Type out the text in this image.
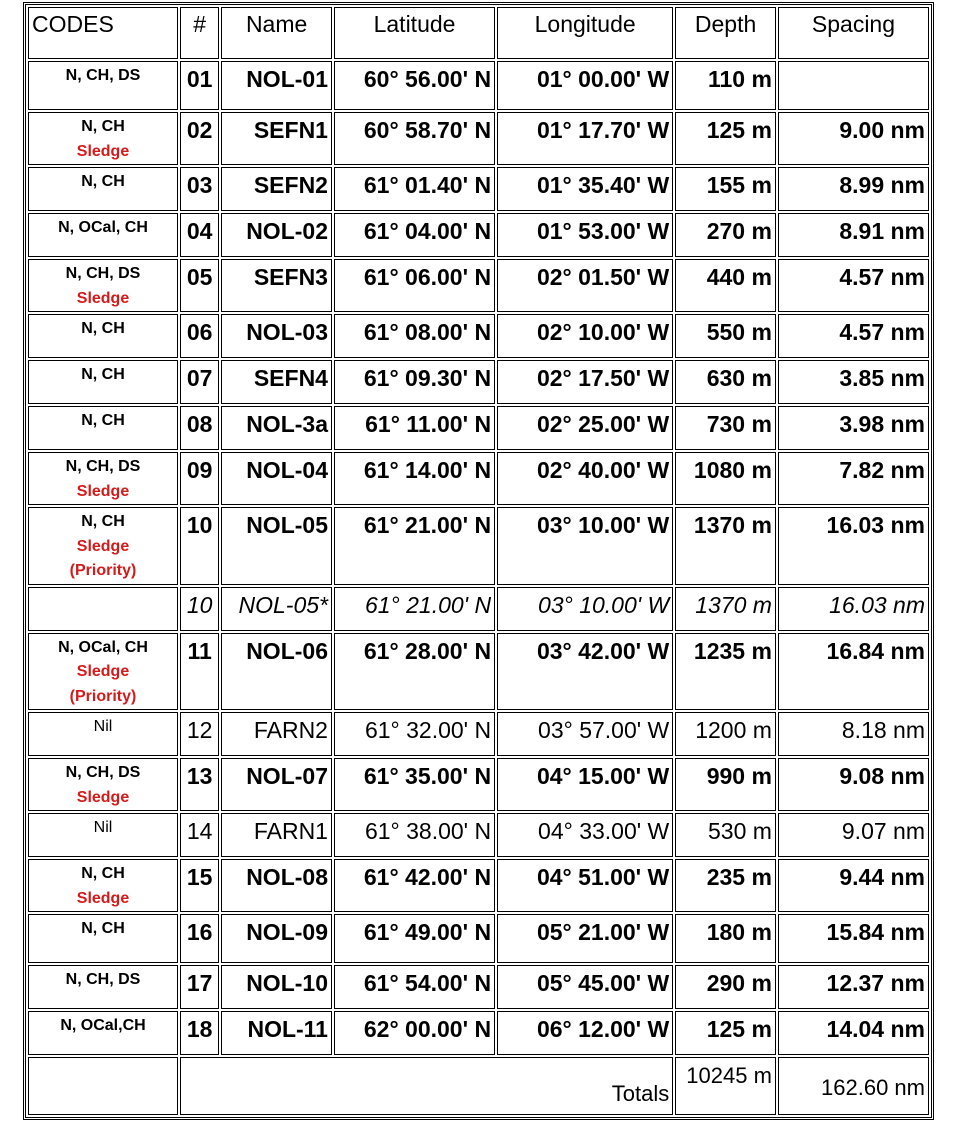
CODES	#	Name	Latitude	Longitude	Depth	Spacing

N, CH, DS	01	NOL-01	60° 56.00' N	01° 00.00' W	110 m	

N, CH
Sledge	02	SEFN1	60° 58.70' N	01° 17.70' W	125 m	9.00 nm

N, CH	03	SEFN2	61° 01.40' N	01° 35.40' W	155 m	8.99 nm

N, OCal, CH	04	NOL-02	61° 04.00' N	01° 53.00' W	270 m	8.91 nm

N, CH, DS
Sledge	05	SEFN3	61° 06.00' N	02° 01.50' W	440 m	4.57 nm

N, CH	06	NOL-03	61° 08.00' N	02° 10.00' W	550 m	4.57 nm

N, CH	07	SEFN4	61° 09.30' N	02° 17.50' W	630 m	3.85 nm

N, CH	08	NOL-3a	61° 11.00' N	02° 25.00' W	730 m	3.98 nm

N, CH, DS
Sledge	09	NOL-04	61° 14.00' N	02° 40.00' W	1080 m	7.82 nm

N, CH
Sledge
(Priority)	10	NOL-05	61° 21.00' N	03° 10.00' W	1370 m	16.03 nm

	10	NOL-05*	61° 21.00' N	03° 10.00' W	1370 m	16.03 nm

N, OCal, CH
Sledge
(Priority)	11	NOL-06	61° 28.00' N	03° 42.00' W	1235 m	16.84 nm

Nil	12	FARN2	61° 32.00' N	03° 57.00' W	1200 m	8.18 nm

N, CH, DS
Sledge	13	NOL-07	61° 35.00' N	04° 15.00' W	990 m	9.08 nm

Nil	14	FARN1	61° 38.00' N	04° 33.00' W	530 m	9.07 nm

N, CH
Sledge	15	NOL-08	61° 42.00' N	04° 51.00' W	235 m	9.44 nm

N, CH	16	NOL-09	61° 49.00' N	05° 21.00' W	180 m	15.84 nm

N, CH, DS	17	NOL-10	61° 54.00' N	05° 45.00' W	290 m	12.37 nm

N, OCal,CH	18	NOL-11	62° 00.00' N	06° 12.00' W	125 m	14.04 nm
	Totals				10245 m	162.60 nm
